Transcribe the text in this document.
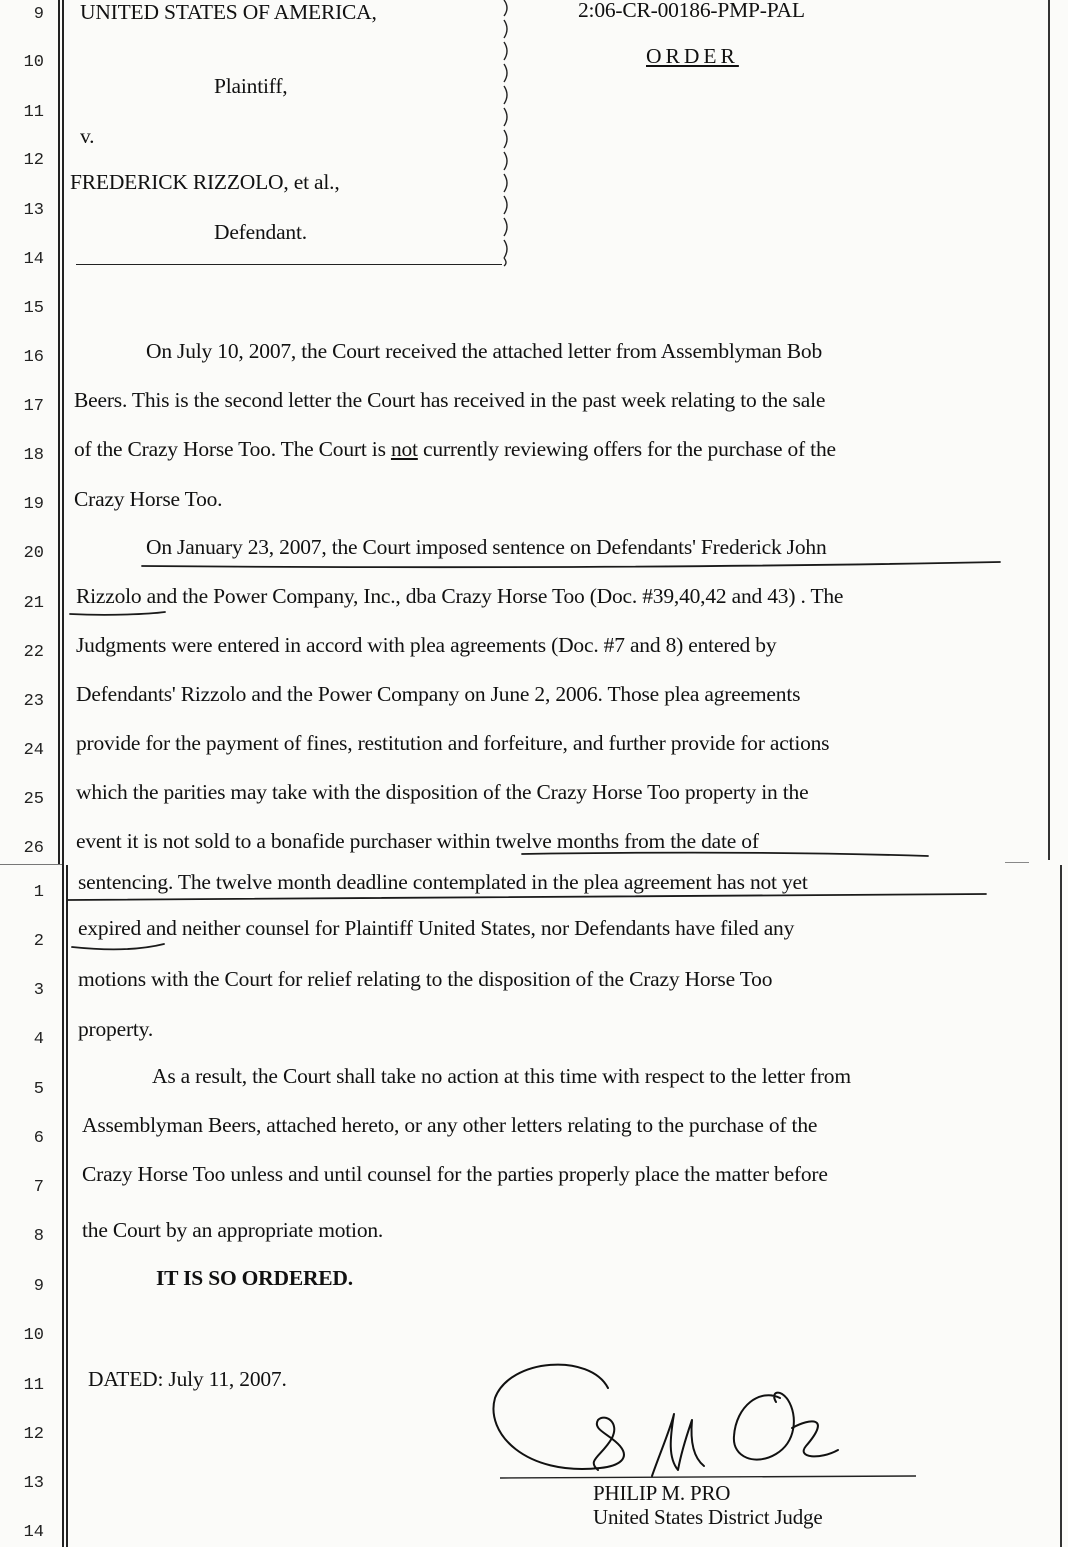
9
10
11
12
13
14
15
16
17
18
19
20
21
22
23
24
25
26
1
2
3
4
5
6
7
8
9
10
11
12
13
14
UNITED STATES OF AMERICA,
Plaintiff,
v.
FREDERICK RIZZOLO, et al.,
Defendant.
2:06-CR-00186-PMP-PAL
ORDER
On July 10, 2007, the Court received the attached letter from Assemblyman Bob
Beers. This is the second letter the Court has received in the past week relating to the sale
of the Crazy Horse Too. The Court is not currently reviewing offers for the purchase of the
Crazy Horse Too.
On January 23, 2007, the Court imposed sentence on Defendants' Frederick John
Rizzolo and the Power Company, Inc., dba Crazy Horse Too (Doc. #39,40,42 and 43) . The
Judgments were entered in accord with plea agreements (Doc. #7 and 8) entered by
Defendants' Rizzolo and the Power Company on June 2, 2006. Those plea agreements
provide for the payment of fines, restitution and forfeiture, and further provide for actions
which the parities may take with the disposition of the Crazy Horse Too property in the
event it is not sold to a bonafide purchaser within twelve months from the date of
sentencing. The twelve month deadline contemplated in the plea agreement has not yet
expired and neither counsel for Plaintiff United States, nor Defendants have filed any
motions with the Court for relief relating to the disposition of the Crazy Horse Too
property.
As a result, the Court shall take no action at this time with respect to the letter from
Assemblyman Beers, attached hereto, or any other letters relating to the purchase of the
Crazy Horse Too unless and until counsel for the parties properly place the matter before
the Court by an appropriate motion.
IT IS SO ORDERED.
DATED: July 11, 2007.
PHILIP M. PRO
United States District Judge
